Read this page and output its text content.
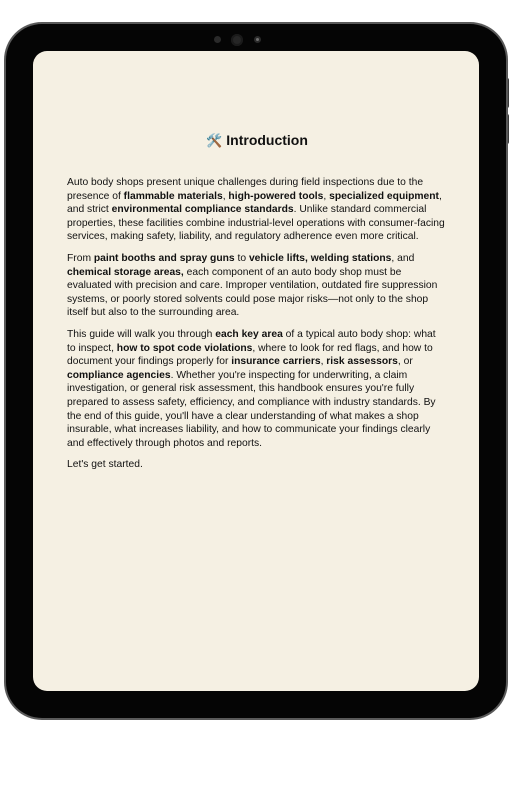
🛠️ Introduction

Auto body shops present unique challenges during field inspections due to the presence of flammable materials, high-powered tools, specialized equipment, and strict environmental compliance standards. Unlike standard commercial properties, these facilities combine industrial-level operations with consumer-facing services, making safety, liability, and regulatory adherence even more critical.

From paint booths and spray guns to vehicle lifts, welding stations, and chemical storage areas, each component of an auto body shop must be evaluated with precision and care. Improper ventilation, outdated fire suppression systems, or poorly stored solvents could pose major risks—not only to the shop itself but also to the surrounding area.

This guide will walk you through each key area of a typical auto body shop: what to inspect, how to spot code violations, where to look for red flags, and how to document your findings properly for insurance carriers, risk assessors, or compliance agencies. Whether you're inspecting for underwriting, a claim investigation, or general risk assessment, this handbook ensures you're fully prepared to assess safety, efficiency, and compliance with industry standards. By the end of this guide, you'll have a clear understanding of what makes a shop insurable, what increases liability, and how to communicate your findings clearly and effectively through photos and reports.

Let's get started.
